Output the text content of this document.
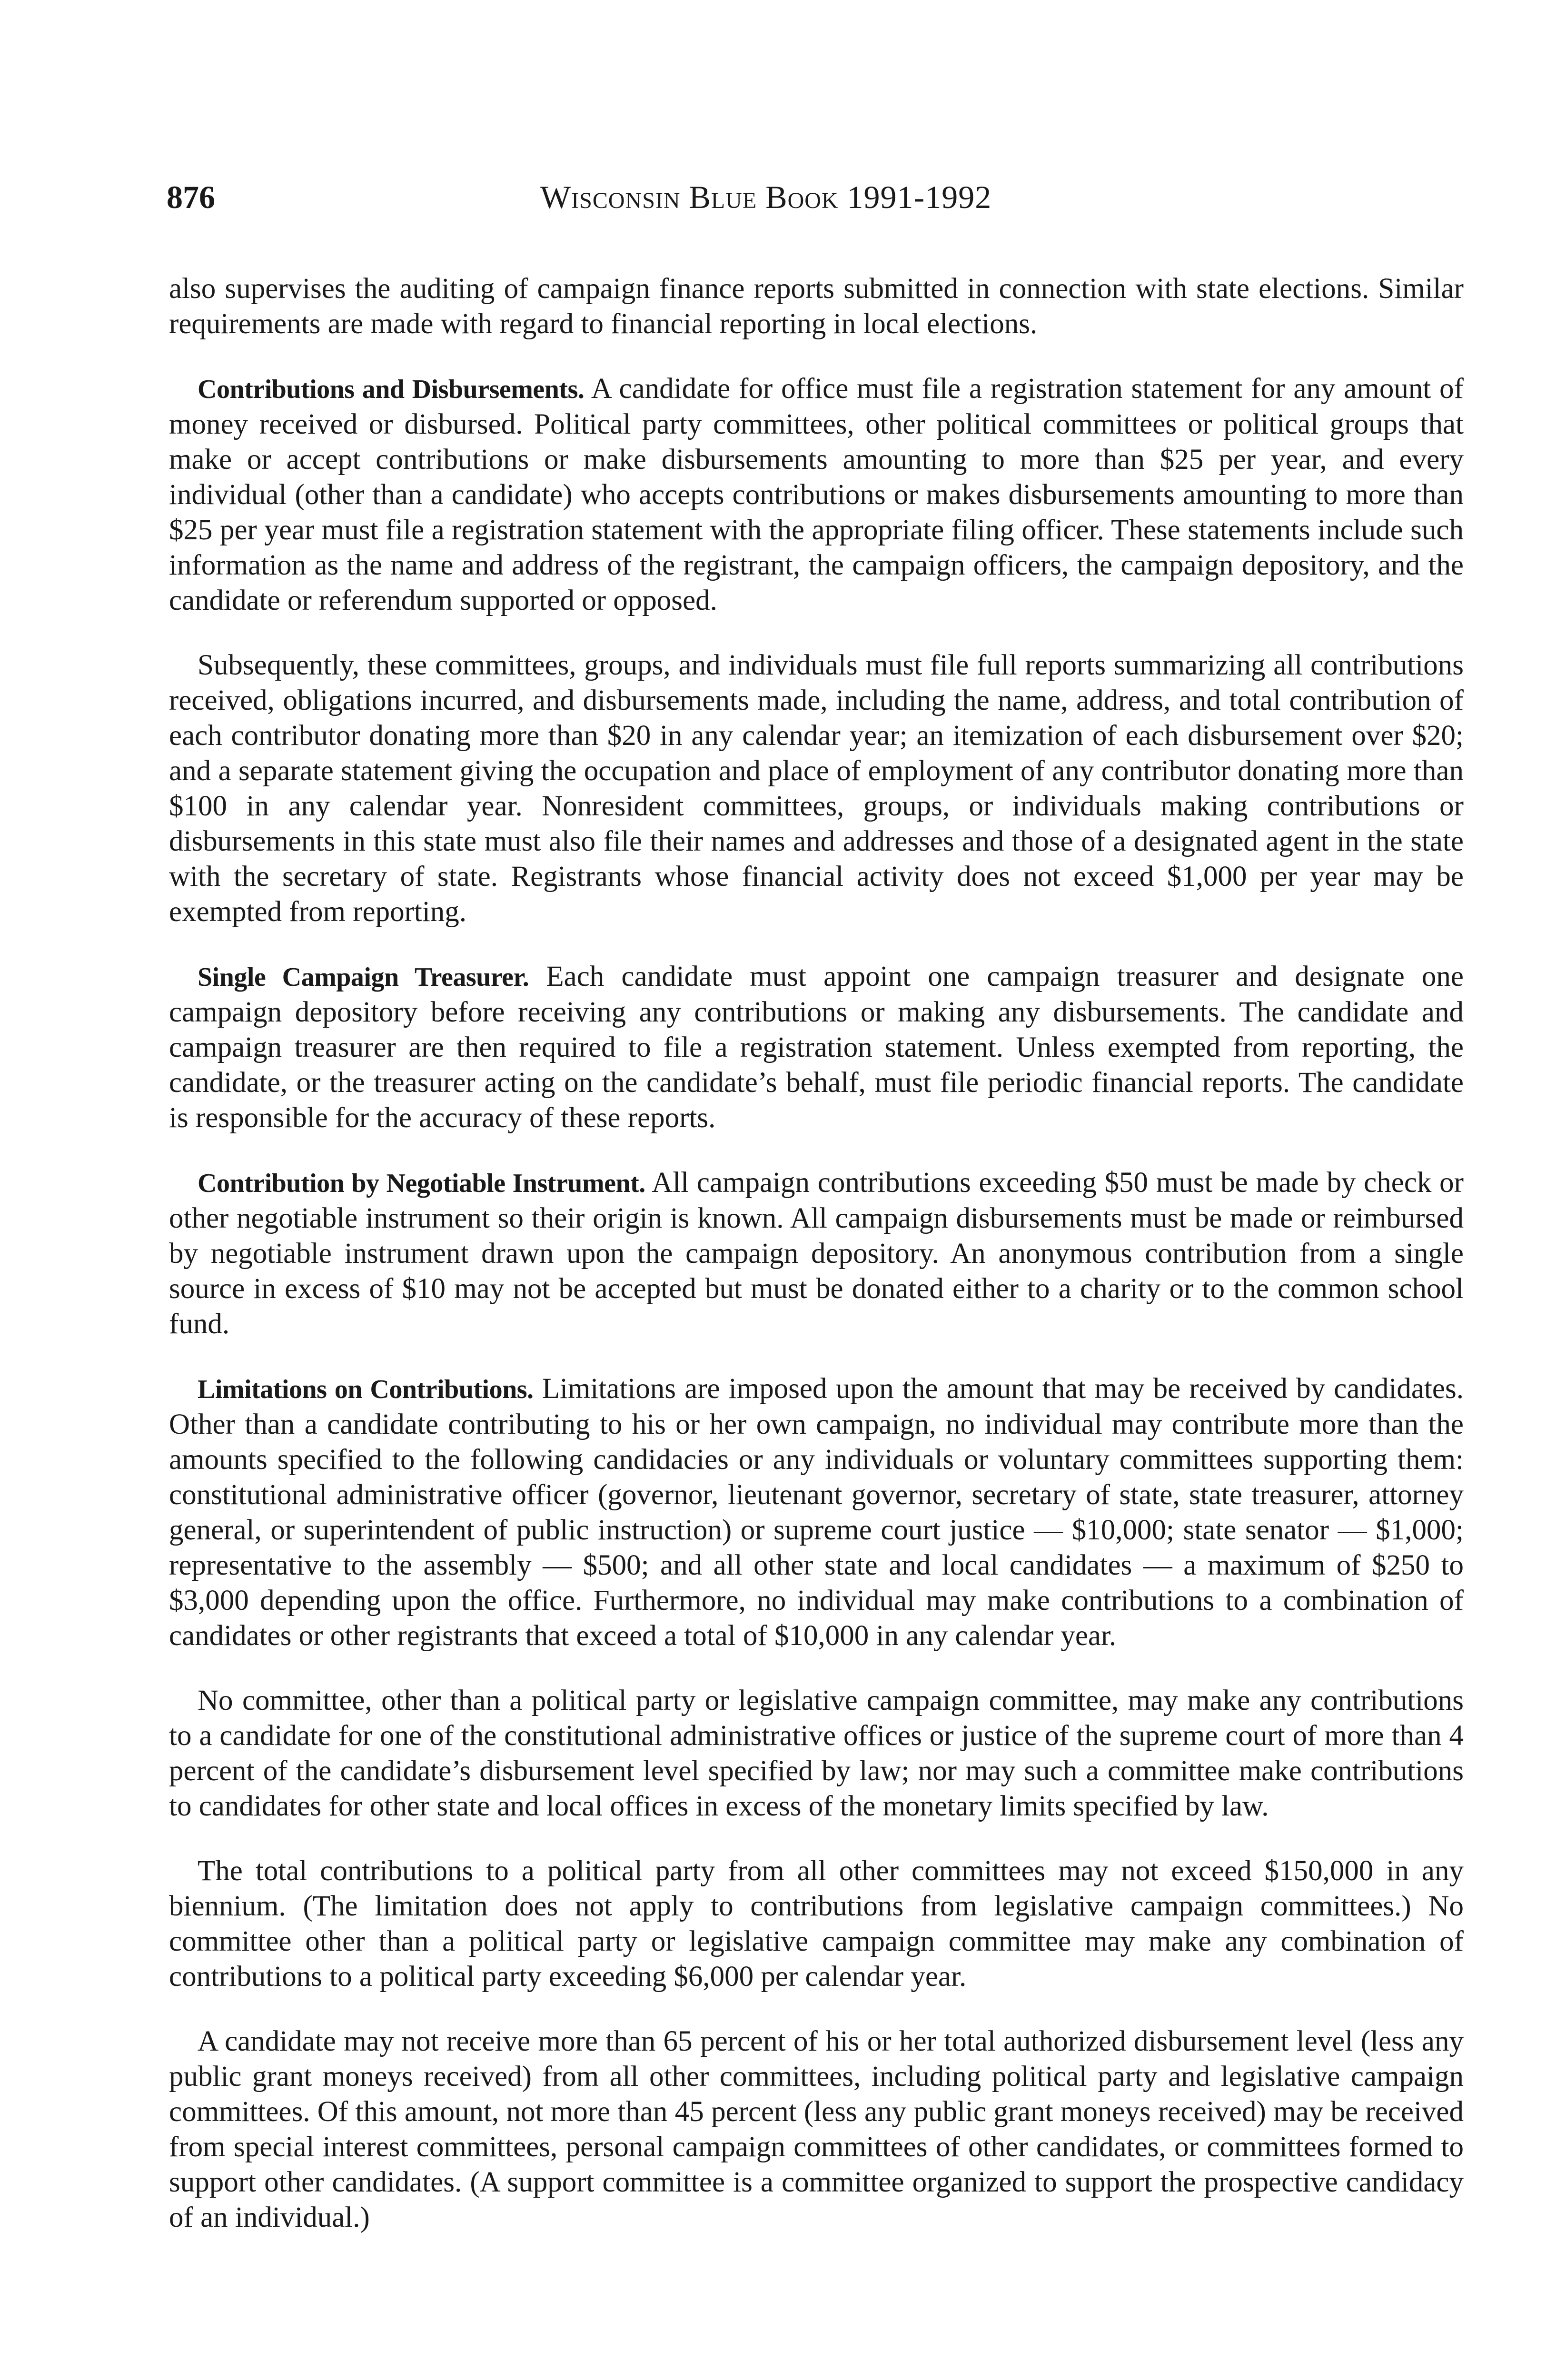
876	Wisconsin Blue Book 1991-1992

also supervises the auditing of campaign finance reports submitted in connection with state elections. Similar requirements are made with regard to financial reporting in local elections.

Contributions and Disbursements. A candidate for office must file a registration statement for any amount of money received or disbursed. Political party committees, other political committees or political groups that make or accept contributions or make disbursements amounting to more than $25 per year, and every individual (other than a candidate) who accepts contributions or makes disbursements amounting to more than $25 per year must file a registration statement with the appropriate filing officer. These statements include such information as the name and address of the registrant, the campaign officers, the campaign depository, and the candidate or referendum supported or opposed.

Subsequently, these committees, groups, and individuals must file full reports summarizing all contributions received, obligations incurred, and disbursements made, including the name, address, and total contribution of each contributor donating more than $20 in any calendar year; an itemization of each disbursement over $20; and a separate statement giving the occupation and place of employment of any contributor donating more than $100 in any calendar year. Nonresident committees, groups, or individuals making contributions or disbursements in this state must also file their names and addresses and those of a designated agent in the state with the secretary of state. Registrants whose financial activity does not exceed $1,000 per year may be exempted from reporting.

Single Campaign Treasurer. Each candidate must appoint one campaign treasurer and designate one campaign depository before receiving any contributions or making any disbursements. The candidate and campaign treasurer are then required to file a registration statement. Unless exempted from reporting, the candidate, or the treasurer acting on the candidate’s behalf, must file periodic financial reports. The candidate is responsible for the accuracy of these reports.

Contribution by Negotiable Instrument. All campaign contributions exceeding $50 must be made by check or other negotiable instrument so their origin is known. All campaign disbursements must be made or reimbursed by negotiable instrument drawn upon the campaign depository. An anonymous contribution from a single source in excess of $10 may not be accepted but must be donated either to a charity or to the common school fund.

Limitations on Contributions. Limitations are imposed upon the amount that may be received by candidates. Other than a candidate contributing to his or her own campaign, no individual may contribute more than the amounts specified to the following candidacies or any individuals or voluntary committees supporting them: constitutional administrative officer (governor, lieutenant governor, secretary of state, state treasurer, attorney general, or superintendent of public instruction) or supreme court justice — $10,000; state senator — $1,000; representative to the assembly — $500; and all other state and local candidates — a maximum of $250 to $3,000 depending upon the office. Furthermore, no individual may make contributions to a combination of candidates or other registrants that exceed a total of $10,000 in any calendar year.

No committee, other than a political party or legislative campaign committee, may make any contributions to a candidate for one of the constitutional administrative offices or justice of the supreme court of more than 4 percent of the candidate’s disbursement level specified by law; nor may such a committee make contributions to candidates for other state and local offices in excess of the monetary limits specified by law.

The total contributions to a political party from all other committees may not exceed $150,000 in any biennium. (The limitation does not apply to contributions from legislative campaign committees.) No committee other than a political party or legislative campaign committee may make any combination of contributions to a political party exceeding $6,000 per calendar year.

A candidate may not receive more than 65 percent of his or her total authorized disbursement level (less any public grant moneys received) from all other committees, including political party and legislative campaign committees. Of this amount, not more than 45 percent (less any public grant moneys received) may be received from special interest committees, personal campaign committees of other candidates, or committees formed to support other candidates. (A support committee is a committee organized to support the prospective candidacy of an individual.)
